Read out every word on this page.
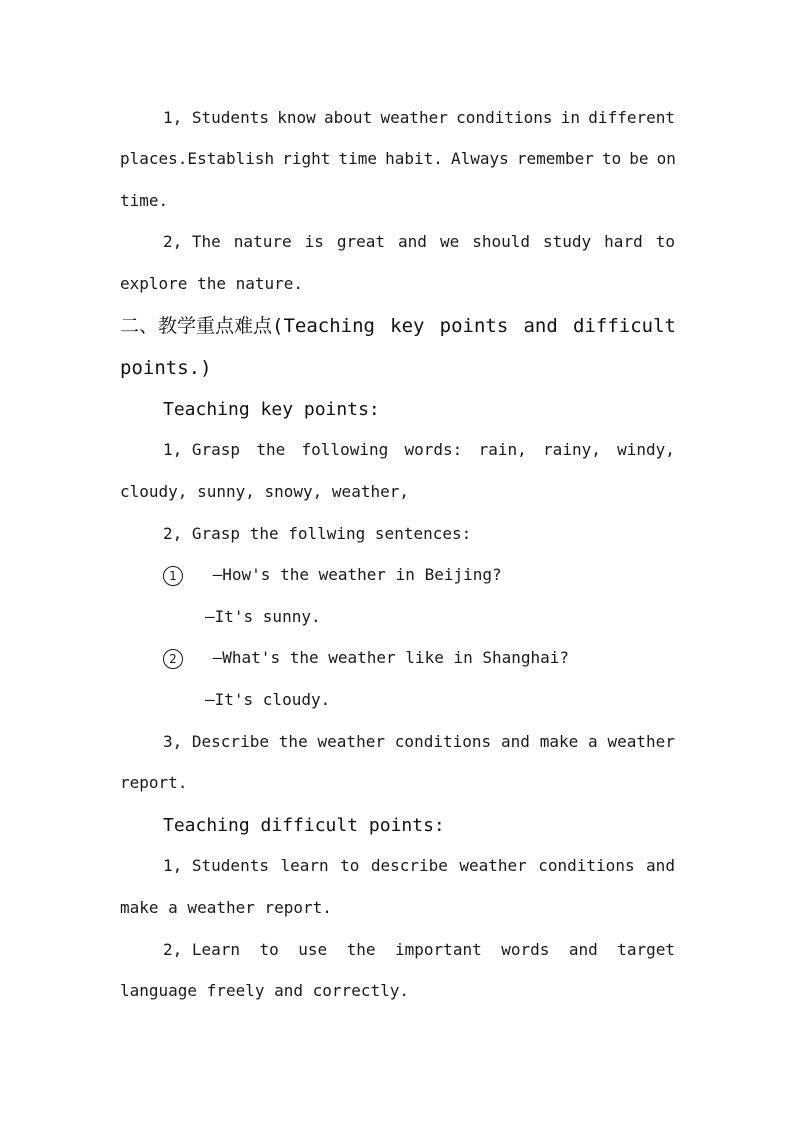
1, Students know about weather conditions in different
places.Establish right time habit. Always remember to be on
time.
2, The nature is great and we should study hard to
explore the nature.
二、教学重点难点(Teaching key points and difficult
points.)
Teaching key points:
1, Grasp the following words: rain, rainy, windy,
cloudy, sunny, snowy, weather,
2, Grasp the follwing sentences:
1 —How's the weather in Beijing?
—It's sunny.
2 —What's the weather like in Shanghai?
—It's cloudy.
3, Describe the weather conditions and make a weather
report.
Teaching difficult points:
1, Students learn to describe weather conditions and
make a weather report.
2, Learn to use the important words and target
language freely and correctly.
